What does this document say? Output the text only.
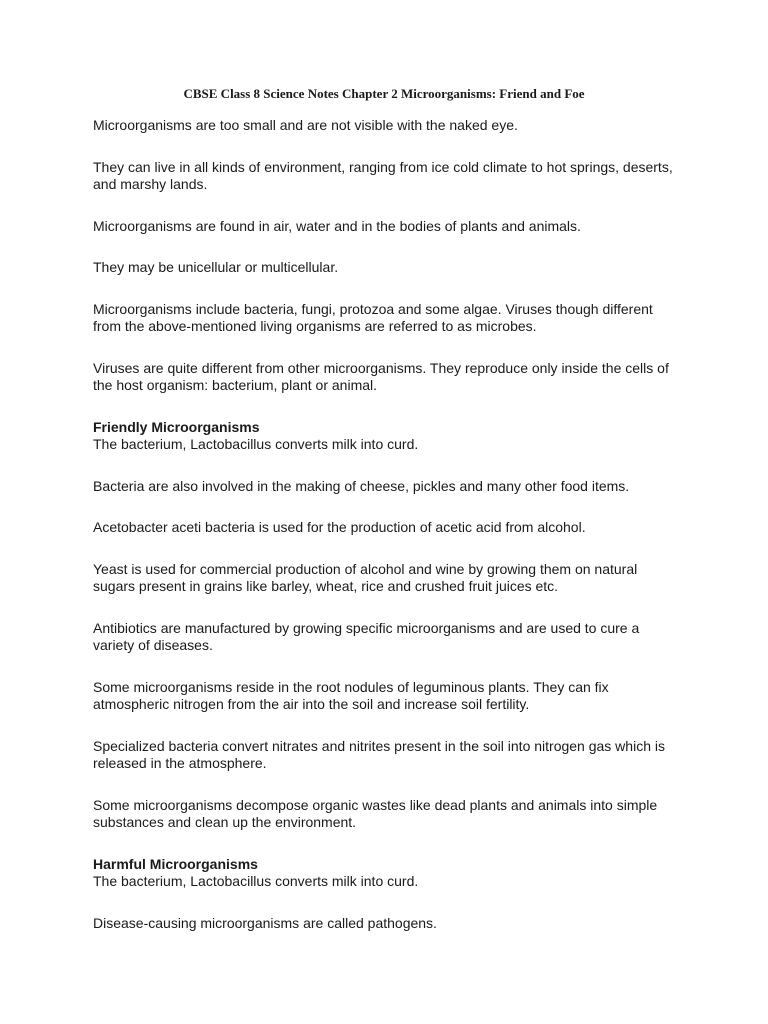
CBSE Class 8 Science Notes Chapter 2 Microorganisms: Friend and Foe

Microorganisms are too small and are not visible with the naked eye.

They can live in all kinds of environment, ranging from ice cold climate to hot springs, deserts, and marshy lands.

Microorganisms are found in air, water and in the bodies of plants and animals.

They may be unicellular or multicellular.

Microorganisms include bacteria, fungi, protozoa and some algae. Viruses though different from the above-mentioned living organisms are referred to as microbes.

Viruses are quite different from other microorganisms. They reproduce only inside the cells of the host organism: bacterium, plant or animal.

Friendly Microorganisms
The bacterium, Lactobacillus converts milk into curd.

Bacteria are also involved in the making of cheese, pickles and many other food items.

Acetobacter aceti bacteria is used for the production of acetic acid from alcohol.

Yeast is used for commercial production of alcohol and wine by growing them on natural sugars present in grains like barley, wheat, rice and crushed fruit juices etc.

Antibiotics are manufactured by growing specific microorganisms and are used to cure a variety of diseases.

Some microorganisms reside in the root nodules of leguminous plants. They can fix atmospheric nitrogen from the air into the soil and increase soil fertility.

Specialized bacteria convert nitrates and nitrites present in the soil into nitrogen gas which is released in the atmosphere.

Some microorganisms decompose organic wastes like dead plants and animals into simple substances and clean up the environment.

Harmful Microorganisms
The bacterium, Lactobacillus converts milk into curd.

Disease-causing microorganisms are called pathogens.
